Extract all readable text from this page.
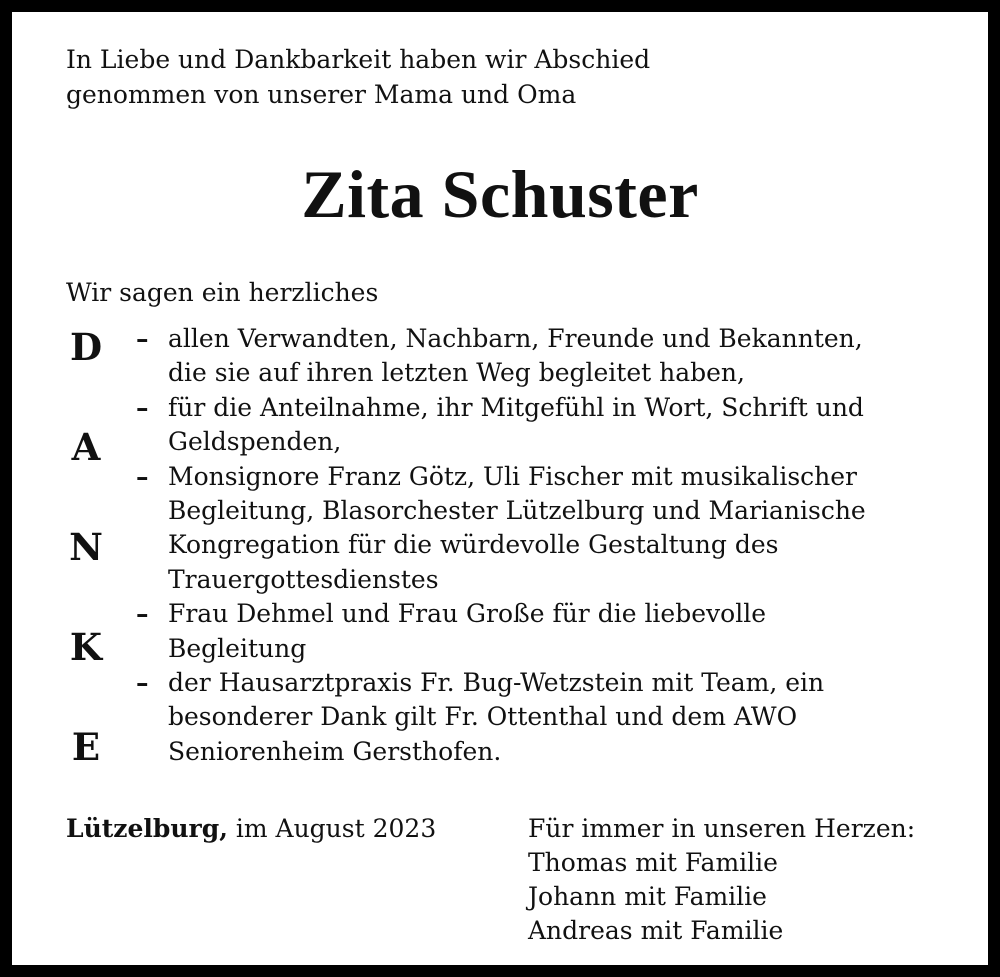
In Liebe und Dankbarkeit haben wir Abschied
genommen von unserer Mama und Oma

Zita Schuster

Wir sagen ein herzliches

D
A
N
K
E
– allen Verwandten, Nachbarn, Freunde und Bekannten,
die sie auf ihren letzten Weg begleitet haben,
– für die Anteilnahme, ihr Mitgefühl in Wort, Schrift und
Geldspenden,
– Monsignore Franz Götz, Uli Fischer mit musikalischer
Begleitung, Blasorchester Lützelburg und Marianische
Kongregation für die würdevolle Gestaltung des
Trauergottesdienstes
– Frau Dehmel und Frau Große für die liebevolle
Begleitung
– der Hausarztpraxis Fr. Bug-Wetzstein mit Team, ein
besonderer Dank gilt Fr. Ottenthal und dem AWO
Seniorenheim Gersthofen.

Lützelburg, im August 2023	Für immer in unseren Herzen:
Thomas mit Familie
Johann mit Familie
Andreas mit Familie
